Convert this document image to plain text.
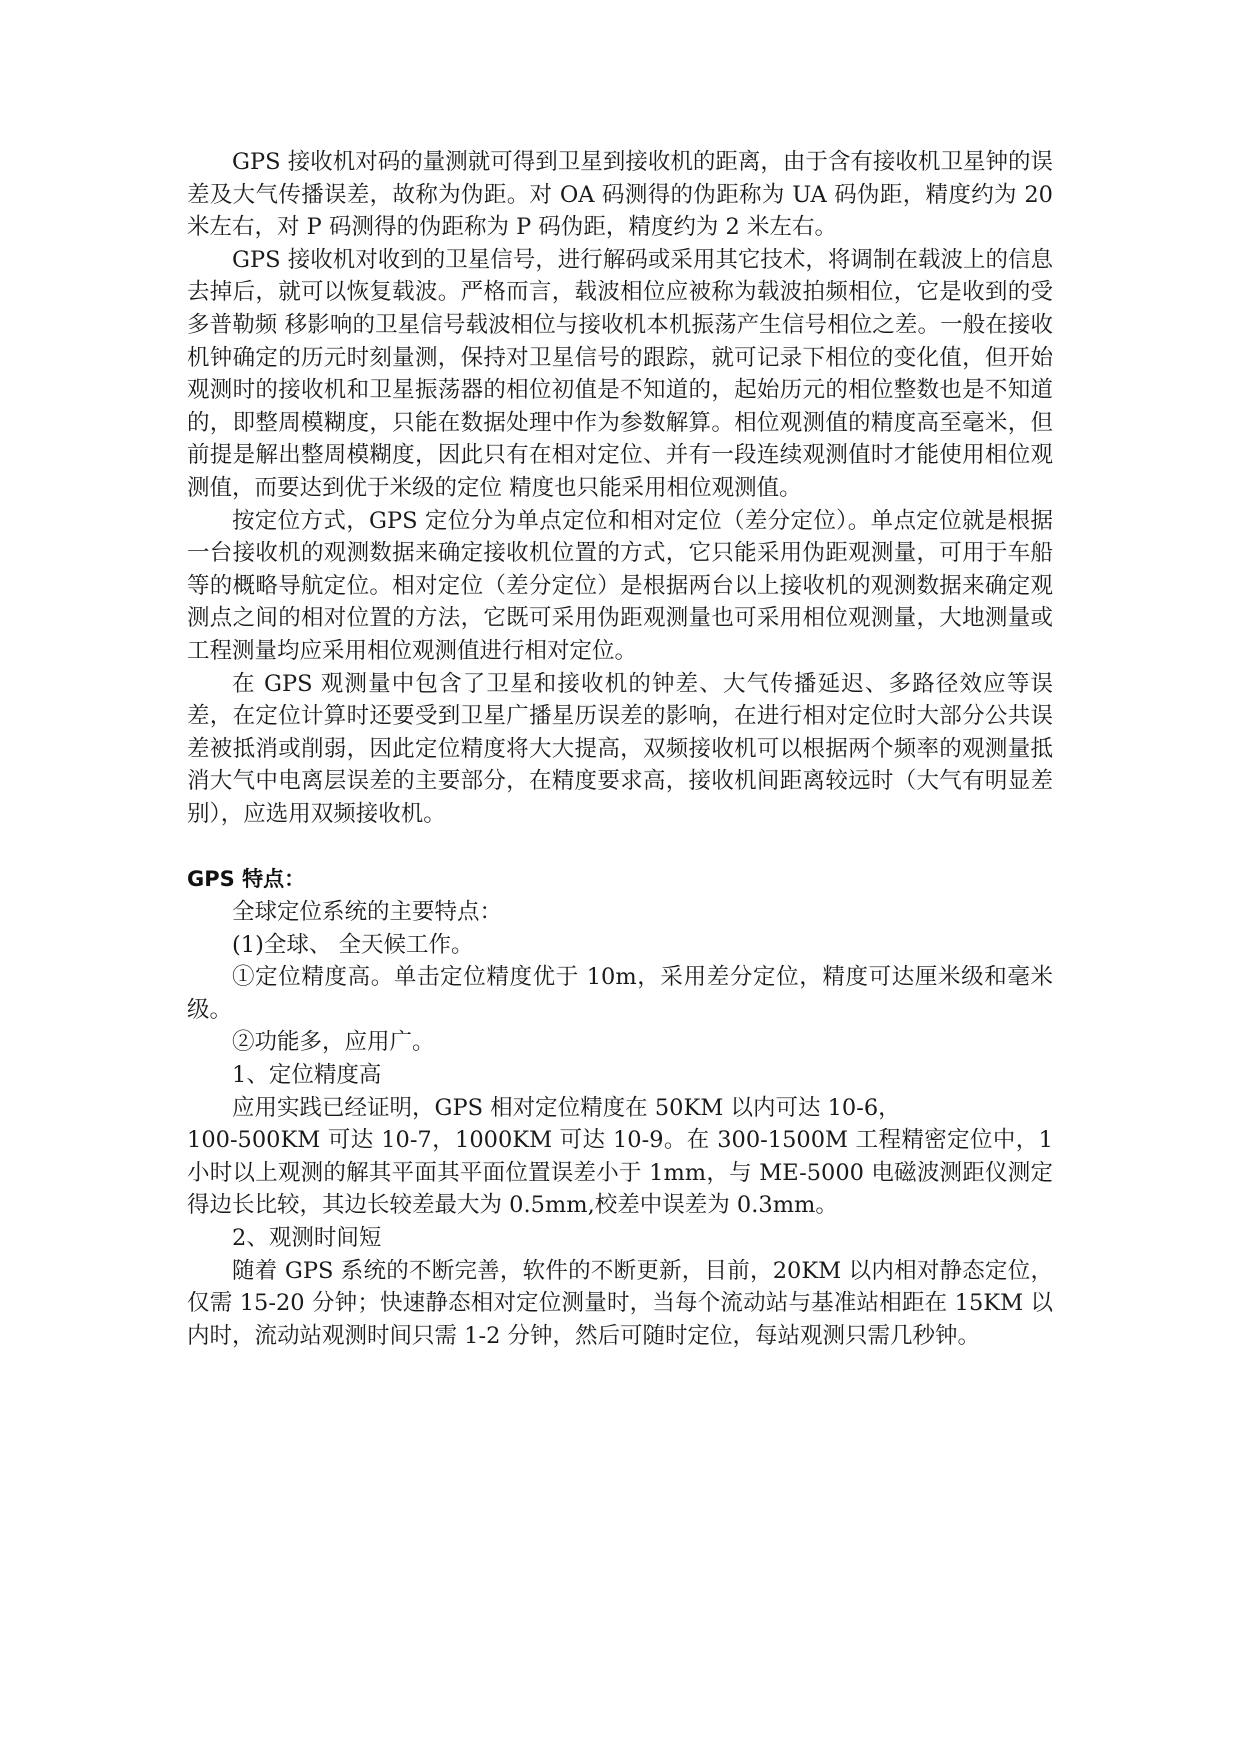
GPS 接收机对码的量测就可得到卫星到接收机的距离，由于含有接收机卫星钟的误差及大气传播误差，故称为伪距。对 OA 码测得的伪距称为 UA 码伪距，精度约为 20 米左右，对 P 码测得的伪距称为 P 码伪距，精度约为 2 米左右。

GPS 接收机对收到的卫星信号，进行解码或采用其它技术，将调制在载波上的信息去掉后，就可以恢复载波。严格而言，载波相位应被称为载波拍频相位，它是收到的受多普勒频 移影响的卫星信号载波相位与接收机本机振荡产生信号相位之差。一般在接收机钟确定的历元时刻量测，保持对卫星信号的跟踪，就可记录下相位的变化值，但开始观测时的接收机和卫星振荡器的相位初值是不知道的，起始历元的相位整数也是不知道的，即整周模糊度，只能在数据处理中作为参数解算。相位观测值的精度高至毫米，但前提是解出整周模糊度，因此只有在相对定位、并有一段连续观测值时才能使用相位观测值，而要达到优于米级的定位 精度也只能采用相位观测值。

按定位方式，GPS 定位分为单点定位和相对定位（差分定位）。单点定位就是根据一台接收机的观测数据来确定接收机位置的方式，它只能采用伪距观测量，可用于车船等的概略导航定位。相对定位（差分定位）是根据两台以上接收机的观测数据来确定观测点之间的相对位置的方法，它既可采用伪距观测量也可采用相位观测量，大地测量或工程测量均应采用相位观测值进行相对定位。

在 GPS 观测量中包含了卫星和接收机的钟差、大气传播延迟、多路径效应等误差，在定位计算时还要受到卫星广播星历误差的影响，在进行相对定位时大部分公共误差被抵消或削弱，因此定位精度将大大提高，双频接收机可以根据两个频率的观测量抵消大气中电离层误差的主要部分，在精度要求高，接收机间距离较远时（大气有明显差别），应选用双频接收机。

GPS 特点：

全球定位系统的主要特点：

(1)全球、 全天候工作。

①定位精度高。单击定位精度优于 10m，采用差分定位，精度可达厘米级和毫米级。

②功能多，应用广。

1、定位精度高

应用实践已经证明，GPS 相对定位精度在 50KM 以内可达 10-6，

100-500KM 可达 10-7，1000KM 可达 10-9。在 300-1500M 工程精密定位中，1 小时以上观测的解其平面其平面位置误差小于 1mm，与 ME-5000 电磁波测距仪测定得边长比较，其边长较差最大为 0.5mm,校差中误差为 0.3mm。

2、观测时间短

随着 GPS 系统的不断完善，软件的不断更新，目前，20KM 以内相对静态定位，仅需 15-20 分钟；快速静态相对定位测量时，当每个流动站与基准站相距在 15KM 以内时，流动站观测时间只需 1-2 分钟，然后可随时定位，每站观测只需几秒钟。
